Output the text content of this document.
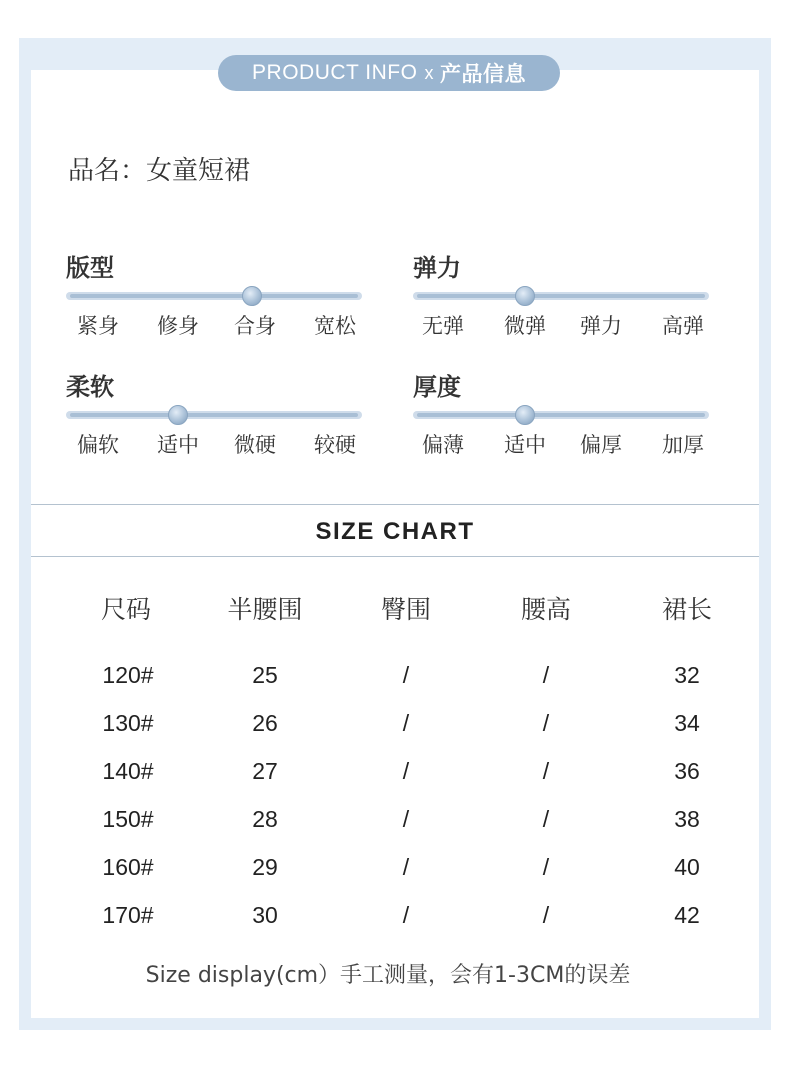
PRODUCT INFO x 产品信息
品名：女童短裙
版型
紧身 修身 合身 宽松
弹力
无弹 微弹 弹力 高弹
柔软
偏软 适中 微硬 较硬
厚度
偏薄 适中 偏厚 加厚
SIZE CHART
尺码	半腰围	臀围	腰高	裙长
120#	25	/	/	32
130#	26	/	/	34
140#	27	/	/	36
150#	28	/	/	38
160#	29	/	/	40
170#	30	/	/	42
Size display(cm）手工测量，会有1-3CM的误差
